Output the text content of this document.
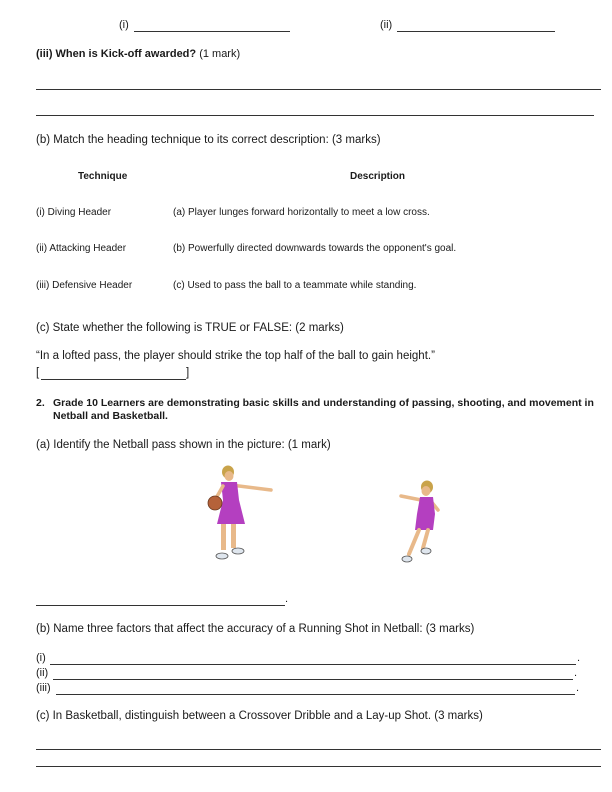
(i)	(ii)
(iii) When is Kick-off awarded? (1 mark)
(b) Match the heading technique to its correct description: (3 marks)
Technique	Description
(i) Diving Header	(a) Player lunges forward horizontally to meet a low cross.
(ii) Attacking Header	(b) Powerfully directed downwards towards the opponent's goal.
(iii) Defensive Header	(c) Used to pass the ball to a teammate while standing.
(c) State whether the following is TRUE or FALSE: (2 marks)
“In a lofted pass, the player should strike the top half of the ball to gain height.”
[	]
2. Grade 10 Learners are demonstrating basic skills and understanding of passing, shooting, and movement in
Netball and Basketball.
(a) Identify the Netball pass shown in the picture: (1 mark)
.
(b) Name three factors that affect the accuracy of a Running Shot in Netball: (3 marks)
(i)	.
(ii)	.
(iii)	.
(c) In Basketball, distinguish between a Crossover Dribble and a Lay-up Shot. (3 marks)
